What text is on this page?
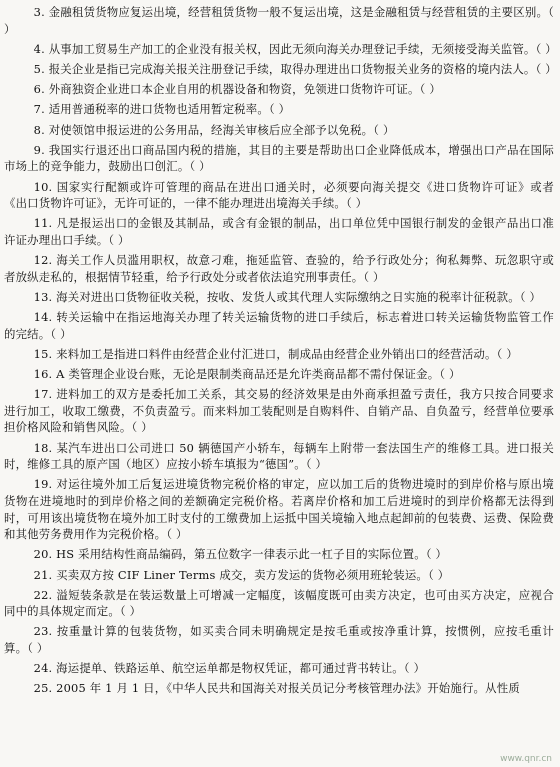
3. 金融租赁货物应复运出境，经营租赁货物一般不复运出境，这是金融租赁与经营租赁的主要区别。（ ）

4. 从事加工贸易生产加工的企业没有报关权，因此无须向海关办理登记手续，无须接受海关监管。（ ）

5. 报关企业是指已完成海关报关注册登记手续，取得办理进出口货物报关业务的资格的境内法人。（ ）

6. 外商独资企业进口本企业自用的机器设备和物资，免领进口货物许可证。（ ）

7. 适用普通税率的进口货物也适用暂定税率。（ ）

8. 对使领馆申报运进的公务用品，经海关审核后应全部予以免税。（ ）

9. 我国实行退还出口商品国内税的措施，其目的主要是帮助出口企业降低成本，增强出口产品在国际市场上的竞争能力，鼓励出口创汇。（ ）

10. 国家实行配额或许可管理的商品在进出口通关时，必须要向海关提交《进口货物许可证》或者《出口货物许可证》，无许可证的，一律不能办理进出境海关手续。（ ）

11. 凡是报运出口的金银及其制品，或含有金银的制品，出口单位凭中国银行制发的金银产品出口准许证办理出口手续。（ ）

12. 海关工作人员滥用职权，故意刁难，拖延监管、查验的，给予行政处分；徇私舞弊、玩忽职守或者放纵走私的，根据情节轻重，给予行政处分或者依法追究刑事责任。（ ）

13. 海关对进出口货物征收关税，按收、发货人或其代理人实际缴纳之日实施的税率计征税款。（ ）

14. 转关运输中在指运地海关办理了转关运输货物的进口手续后，标志着进口转关运输货物监管工作的完结。（ ）

15. 来料加工是指进口料件由经营企业付汇进口，制成品由经营企业外销出口的经营活动。（ ）

16. A 类管理企业设台账，无论是限制类商品还是允许类商品都不需付保证金。（ ）

17. 进料加工的双方是委托加工关系，其交易的经济效果是由外商承担盈亏责任，我方只按合同要求进行加工，收取工缴费，不负责盈亏。而来料加工装配则是自购料件、自销产品、自负盈亏，经营单位要承担价格风险和销售风险。（ ）

18. 某汽车进出口公司进口 50 辆德国产小轿车，每辆车上附带一套法国生产的维修工具。进口报关时，维修工具的原产国（地区）应按小轿车填报为“德国”。（ ）

19. 对运往境外加工后复运进境货物完税价格的审定，应以加工后的货物进境时的到岸价格与原出境货物在进境地时的到岸价格之间的差额确定完税价格。若离岸价格和加工后进境时的到岸价格都无法得到时，可用该出境货物在境外加工时支付的工缴费加上运抵中国关境输入地点起卸前的包装费、运费、保险费和其他劳务费用作为完税价格。（ ）

20. HS 采用结构性商品编码，第五位数字一律表示此一杠子目的实际位置。（ ）

21. 买卖双方按 CIF Liner Terms 成交，卖方发运的货物必须用班轮装运。（ ）

22. 溢短装条款是在装运数量上可增减一定幅度，该幅度既可由卖方决定，也可由买方决定，应视合同中的具体规定而定。（ ）

23. 按重量计算的包装货物，如买卖合同未明确规定是按毛重或按净重计算，按惯例，应按毛重计算。（ ）

24. 海运提单、铁路运单、航空运单都是物权凭证，都可通过背书转让。（ ）

25. 2005 年 1 月 1 日，《中华人民共和国海关对报关员记分考核管理办法》开始施行。从性质

www.qnr.cn
